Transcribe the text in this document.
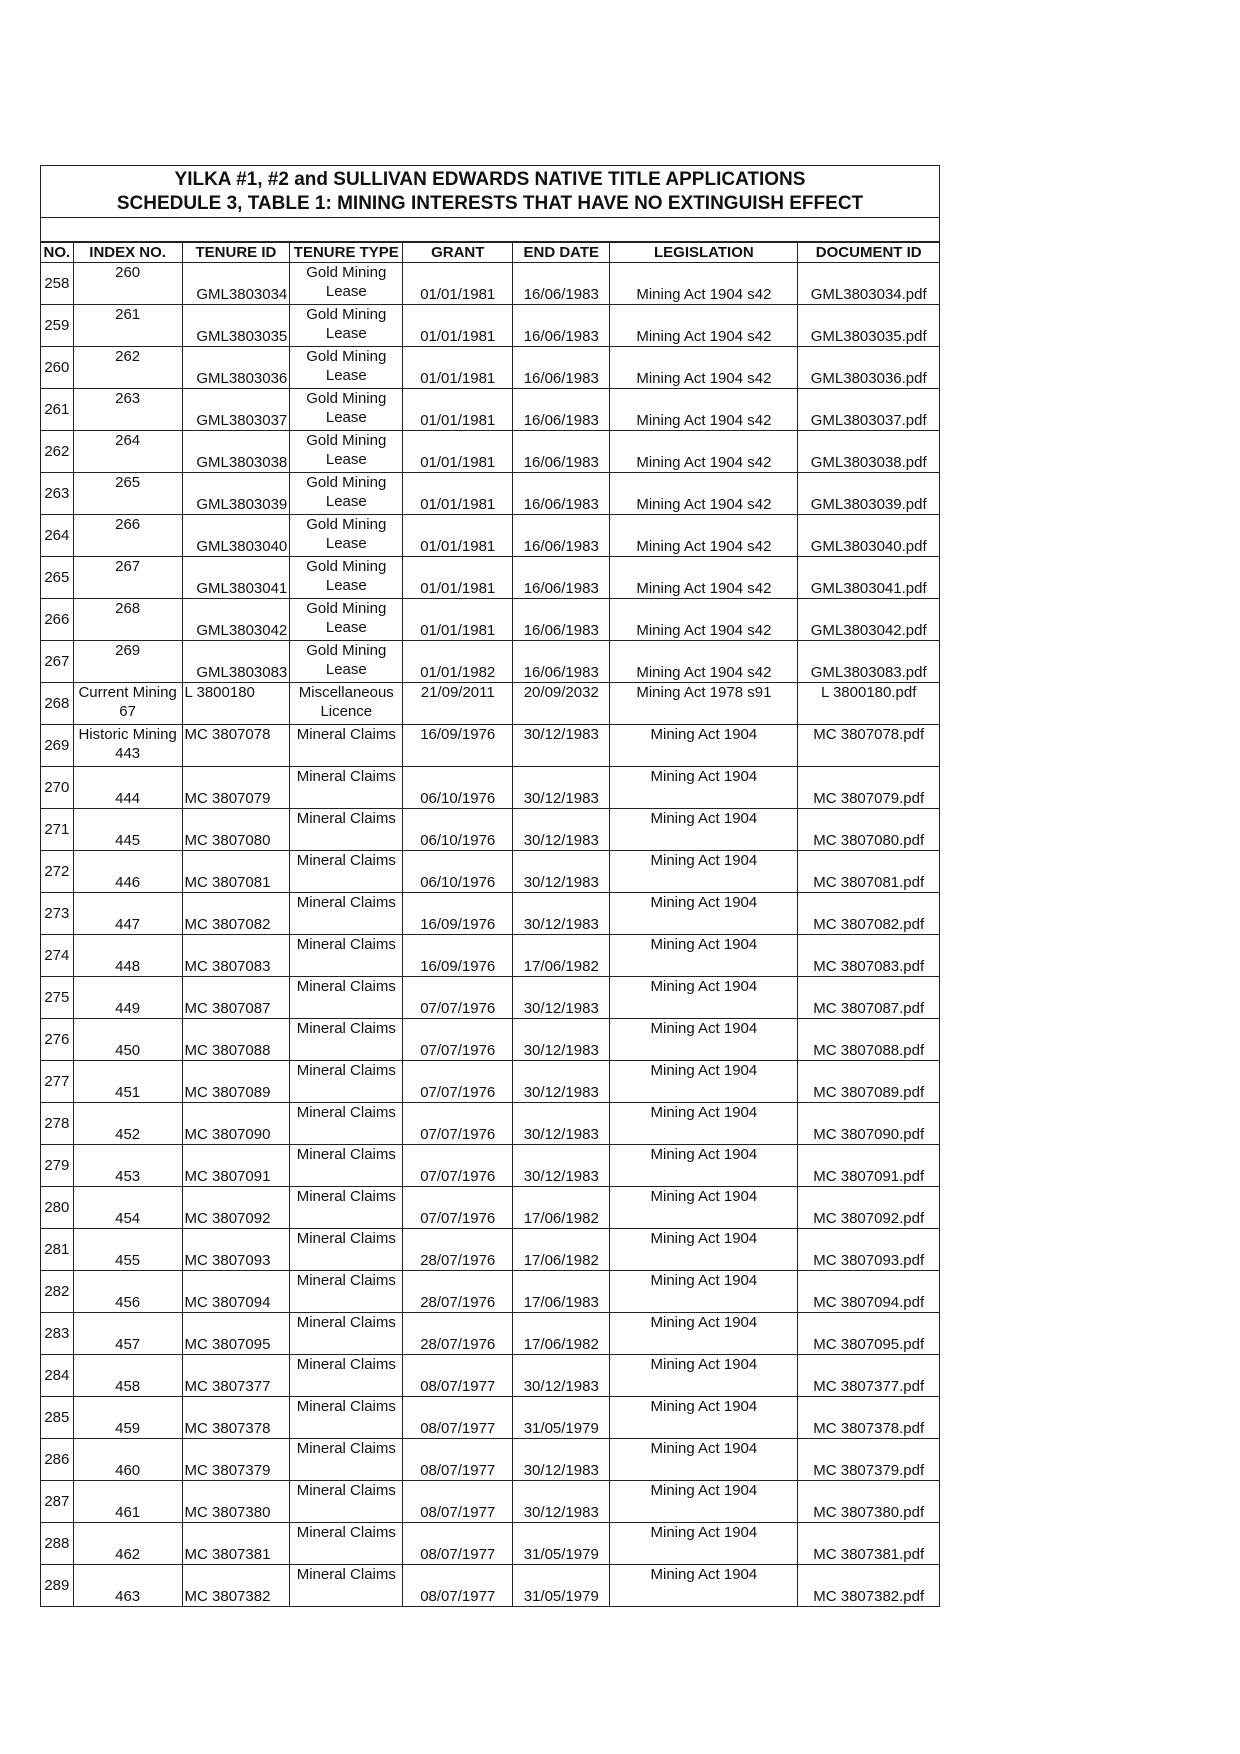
YILKA #1, #2 and SULLIVAN EDWARDS NATIVE TITLE APPLICATIONS
SCHEDULE 3, TABLE 1: MINING INTERESTS THAT HAVE NO EXTINGUISH EFFECT
NO.	INDEX NO.	TENURE ID	TENURE TYPE	GRANT	END DATE	LEGISLATION	DOCUMENT ID
258	260	GML3803034	Gold Mining Lease	01/01/1981	16/06/1983	Mining Act 1904 s42	GML3803034.pdf
259	261	GML3803035	Gold Mining Lease	01/01/1981	16/06/1983	Mining Act 1904 s42	GML3803035.pdf
260	262	GML3803036	Gold Mining Lease	01/01/1981	16/06/1983	Mining Act 1904 s42	GML3803036.pdf
261	263	GML3803037	Gold Mining Lease	01/01/1981	16/06/1983	Mining Act 1904 s42	GML3803037.pdf
262	264	GML3803038	Gold Mining Lease	01/01/1981	16/06/1983	Mining Act 1904 s42	GML3803038.pdf
263	265	GML3803039	Gold Mining Lease	01/01/1981	16/06/1983	Mining Act 1904 s42	GML3803039.pdf
264	266	GML3803040	Gold Mining Lease	01/01/1981	16/06/1983	Mining Act 1904 s42	GML3803040.pdf
265	267	GML3803041	Gold Mining Lease	01/01/1981	16/06/1983	Mining Act 1904 s42	GML3803041.pdf
266	268	GML3803042	Gold Mining Lease	01/01/1981	16/06/1983	Mining Act 1904 s42	GML3803042.pdf
267	269	GML3803083	Gold Mining Lease	01/01/1982	16/06/1983	Mining Act 1904 s42	GML3803083.pdf
268	Current Mining 67	L 3800180	Miscellaneous Licence	21/09/2011	20/09/2032	Mining Act 1978 s91	L 3800180.pdf
269	Historic Mining 443	MC 3807078	Mineral Claims	16/09/1976	30/12/1983	Mining Act 1904	MC 3807078.pdf
270	444	MC 3807079	Mineral Claims	06/10/1976	30/12/1983	Mining Act 1904	MC 3807079.pdf
271	445	MC 3807080	Mineral Claims	06/10/1976	30/12/1983	Mining Act 1904	MC 3807080.pdf
272	446	MC 3807081	Mineral Claims	06/10/1976	30/12/1983	Mining Act 1904	MC 3807081.pdf
273	447	MC 3807082	Mineral Claims	16/09/1976	30/12/1983	Mining Act 1904	MC 3807082.pdf
274	448	MC 3807083	Mineral Claims	16/09/1976	17/06/1982	Mining Act 1904	MC 3807083.pdf
275	449	MC 3807087	Mineral Claims	07/07/1976	30/12/1983	Mining Act 1904	MC 3807087.pdf
276	450	MC 3807088	Mineral Claims	07/07/1976	30/12/1983	Mining Act 1904	MC 3807088.pdf
277	451	MC 3807089	Mineral Claims	07/07/1976	30/12/1983	Mining Act 1904	MC 3807089.pdf
278	452	MC 3807090	Mineral Claims	07/07/1976	30/12/1983	Mining Act 1904	MC 3807090.pdf
279	453	MC 3807091	Mineral Claims	07/07/1976	30/12/1983	Mining Act 1904	MC 3807091.pdf
280	454	MC 3807092	Mineral Claims	07/07/1976	17/06/1982	Mining Act 1904	MC 3807092.pdf
281	455	MC 3807093	Mineral Claims	28/07/1976	17/06/1982	Mining Act 1904	MC 3807093.pdf
282	456	MC 3807094	Mineral Claims	28/07/1976	17/06/1983	Mining Act 1904	MC 3807094.pdf
283	457	MC 3807095	Mineral Claims	28/07/1976	17/06/1982	Mining Act 1904	MC 3807095.pdf
284	458	MC 3807377	Mineral Claims	08/07/1977	30/12/1983	Mining Act 1904	MC 3807377.pdf
285	459	MC 3807378	Mineral Claims	08/07/1977	31/05/1979	Mining Act 1904	MC 3807378.pdf
286	460	MC 3807379	Mineral Claims	08/07/1977	30/12/1983	Mining Act 1904	MC 3807379.pdf
287	461	MC 3807380	Mineral Claims	08/07/1977	30/12/1983	Mining Act 1904	MC 3807380.pdf
288	462	MC 3807381	Mineral Claims	08/07/1977	31/05/1979	Mining Act 1904	MC 3807381.pdf
289	463	MC 3807382	Mineral Claims	08/07/1977	31/05/1979	Mining Act 1904	MC 3807382.pdf
